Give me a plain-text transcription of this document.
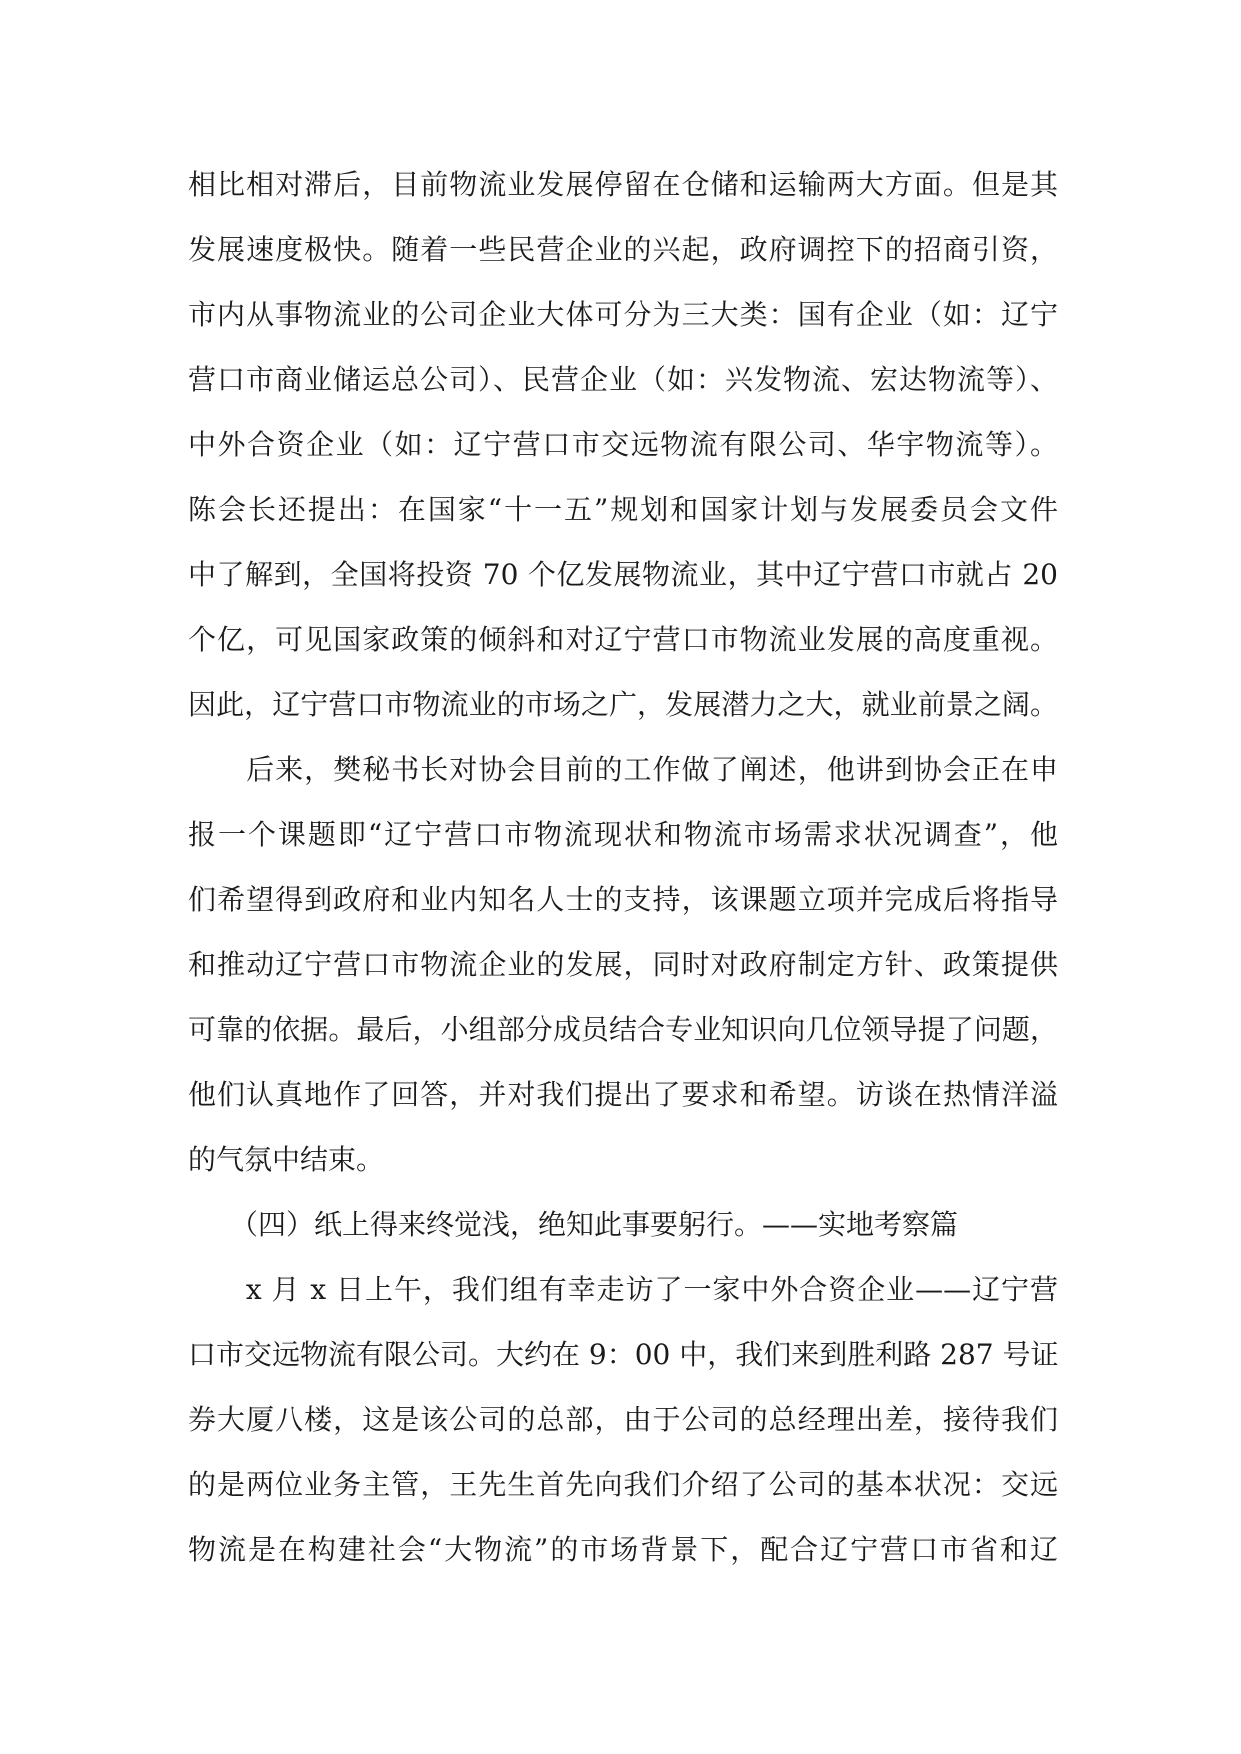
相比相对滞后，目前物流业发展停留在仓储和运输两大方面。但是其
发展速度极快。随着一些民营企业的兴起，政府调控下的招商引资，
市内从事物流业的公司企业大体可分为三大类：国有企业（如：辽宁
营口市商业储运总公司）、民营企业（如：兴发物流、宏达物流等）、
中外合资企业（如：辽宁营口市交远物流有限公司、华宇物流等）。
陈会长还提出：在国家“十一五”规划和国家计划与发展委员会文件
中了解到，全国将投资 70 个亿发展物流业，其中辽宁营口市就占 20
个亿，可见国家政策的倾斜和对辽宁营口市物流业发展的高度重视。
因此，辽宁营口市物流业的市场之广，发展潜力之大，就业前景之阔。
　　后来，樊秘书长对协会目前的工作做了阐述，他讲到协会正在申
报一个课题即“辽宁营口市物流现状和物流市场需求状况调查”，他
们希望得到政府和业内知名人士的支持，该课题立项并完成后将指导
和推动辽宁营口市物流企业的发展，同时对政府制定方针、政策提供
可靠的依据。最后，小组部分成员结合专业知识向几位领导提了问题，
他们认真地作了回答，并对我们提出了要求和希望。访谈在热情洋溢
的气氛中结束。
　　（四）纸上得来终觉浅，绝知此事要躬行。——实地考察篇
　　x 月 x 日上午，我们组有幸走访了一家中外合资企业——辽宁营
口市交远物流有限公司。大约在 9：00 中，我们来到胜利路 287 号证
券大厦八楼，这是该公司的总部，由于公司的总经理出差，接待我们
的是两位业务主管，王先生首先向我们介绍了公司的基本状况：交远
物流是在构建社会“大物流”的市场背景下，配合辽宁营口市省和辽
